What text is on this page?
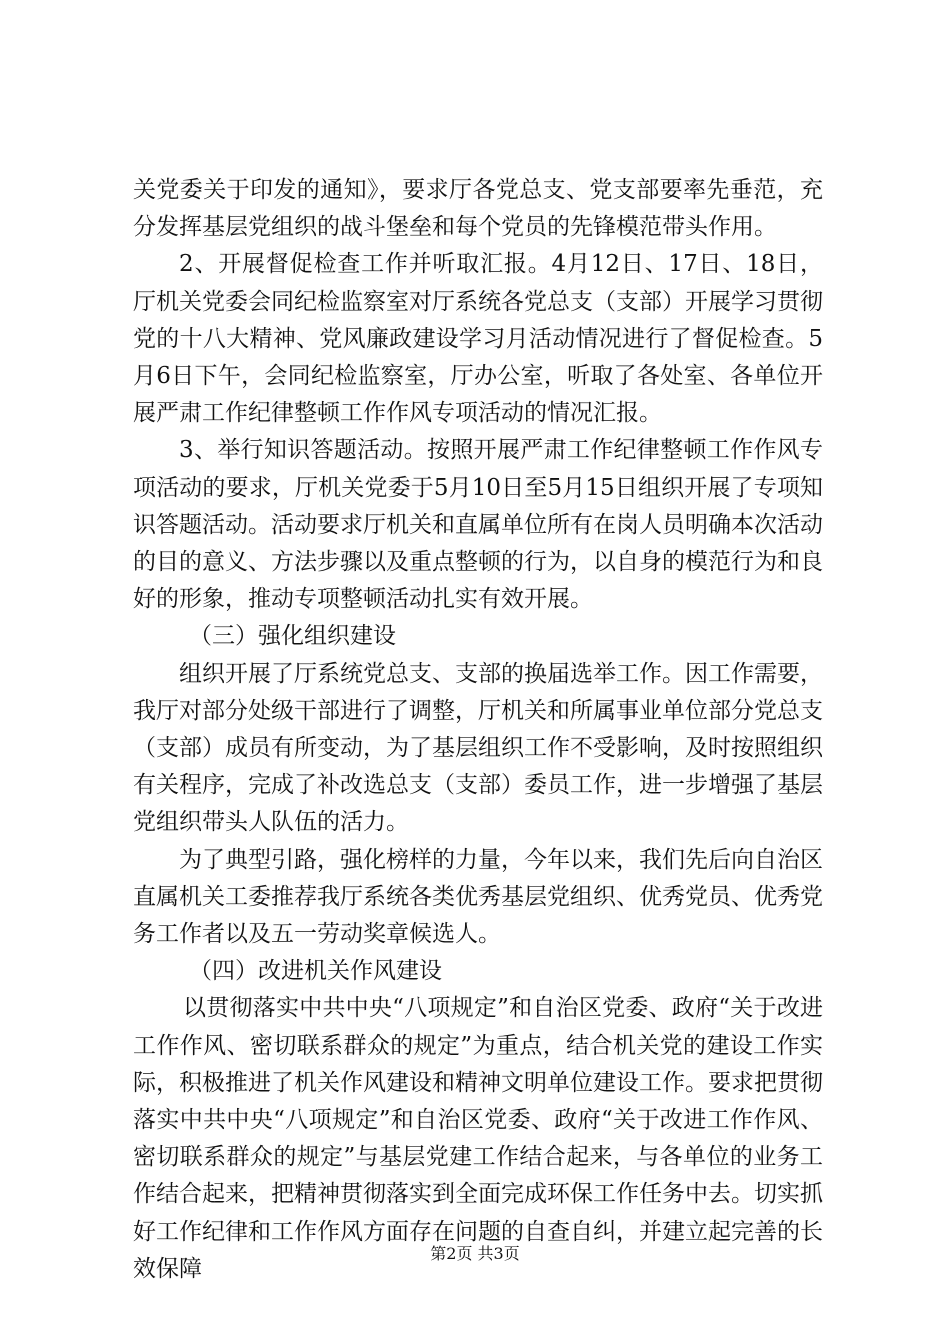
关党委关于印发的通知》，要求厅各党总支、党支部要率先垂范，充分发挥基层党组织的战斗堡垒和每个党员的先锋模范带头作用。

2、开展督促检查工作并听取汇报。4月12日、17日、18日，厅机关党委会同纪检监察室对厅系统各党总支（支部）开展学习贯彻党的十八大精神、党风廉政建设学习月活动情况进行了督促检查。5月6日下午，会同纪检监察室，厅办公室，听取了各处室、各单位开展严肃工作纪律整顿工作作风专项活动的情况汇报。

3、举行知识答题活动。按照开展严肃工作纪律整顿工作作风专项活动的要求，厅机关党委于5月10日至5月15日组织开展了专项知识答题活动。活动要求厅机关和直属单位所有在岗人员明确本次活动的目的意义、方法步骤以及重点整顿的行为，以自身的模范行为和良好的形象，推动专项整顿活动扎实有效开展。

（三）强化组织建设

组织开展了厅系统党总支、支部的换届选举工作。因工作需要，我厅对部分处级干部进行了调整，厅机关和所属事业单位部分党总支（支部）成员有所变动，为了基层组织工作不受影响，及时按照组织有关程序，完成了补改选总支（支部）委员工作，进一步增强了基层党组织带头人队伍的活力。

为了典型引路，强化榜样的力量，今年以来，我们先后向自治区直属机关工委推荐我厅系统各类优秀基层党组织、优秀党员、优秀党务工作者以及五一劳动奖章候选人。

（四）改进机关作风建设

以贯彻落实中共中央“八项规定”和自治区党委、政府“关于改进工作作风、密切联系群众的规定”为重点，结合机关党的建设工作实际，积极推进了机关作风建设和精神文明单位建设工作。要求把贯彻落实中共中央“八项规定”和自治区党委、政府“关于改进工作作风、密切联系群众的规定”与基层党建工作结合起来，与各单位的业务工作结合起来，把精神贯彻落实到全面完成环保工作任务中去。切实抓好工作纪律和工作作风方面存在问题的自查自纠，并建立起完善的长效保障

第2页 共3页
